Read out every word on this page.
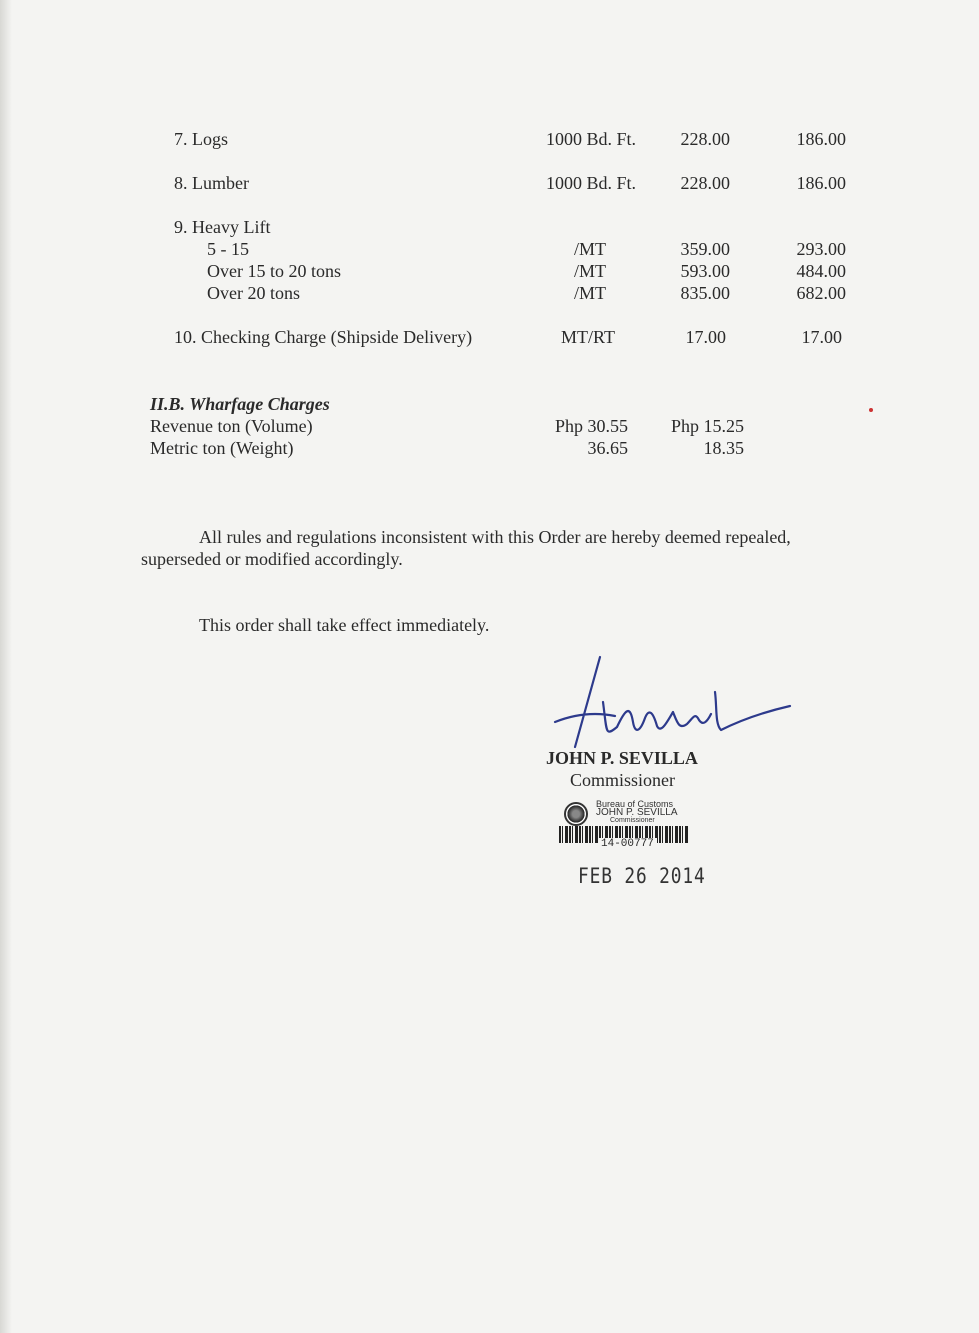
7. Logs	1000 Bd. Ft.	228.00	186.00
8. Lumber	1000 Bd. Ft.	228.00	186.00
9. Heavy Lift
5 - 15	/MT	359.00	293.00
Over 15 to 20 tons	/MT	593.00	484.00
Over 20 tons	/MT	835.00	682.00
10. Checking Charge (Shipside Delivery)	MT/RT	17.00	17.00
II.B. Wharfage Charges
Revenue ton (Volume)	Php 30.55	Php 15.25
Metric ton (Weight)	36.65	18.35
All rules and regulations inconsistent with this Order are hereby deemed repealed,
superseded or modified accordingly.
This order shall take effect immediately.
JOHN P. SEVILLA
Commissioner
Bureau of Customs
JOHN P. SEVILLA
Commissioner
14-00777
FEB 26 2014
